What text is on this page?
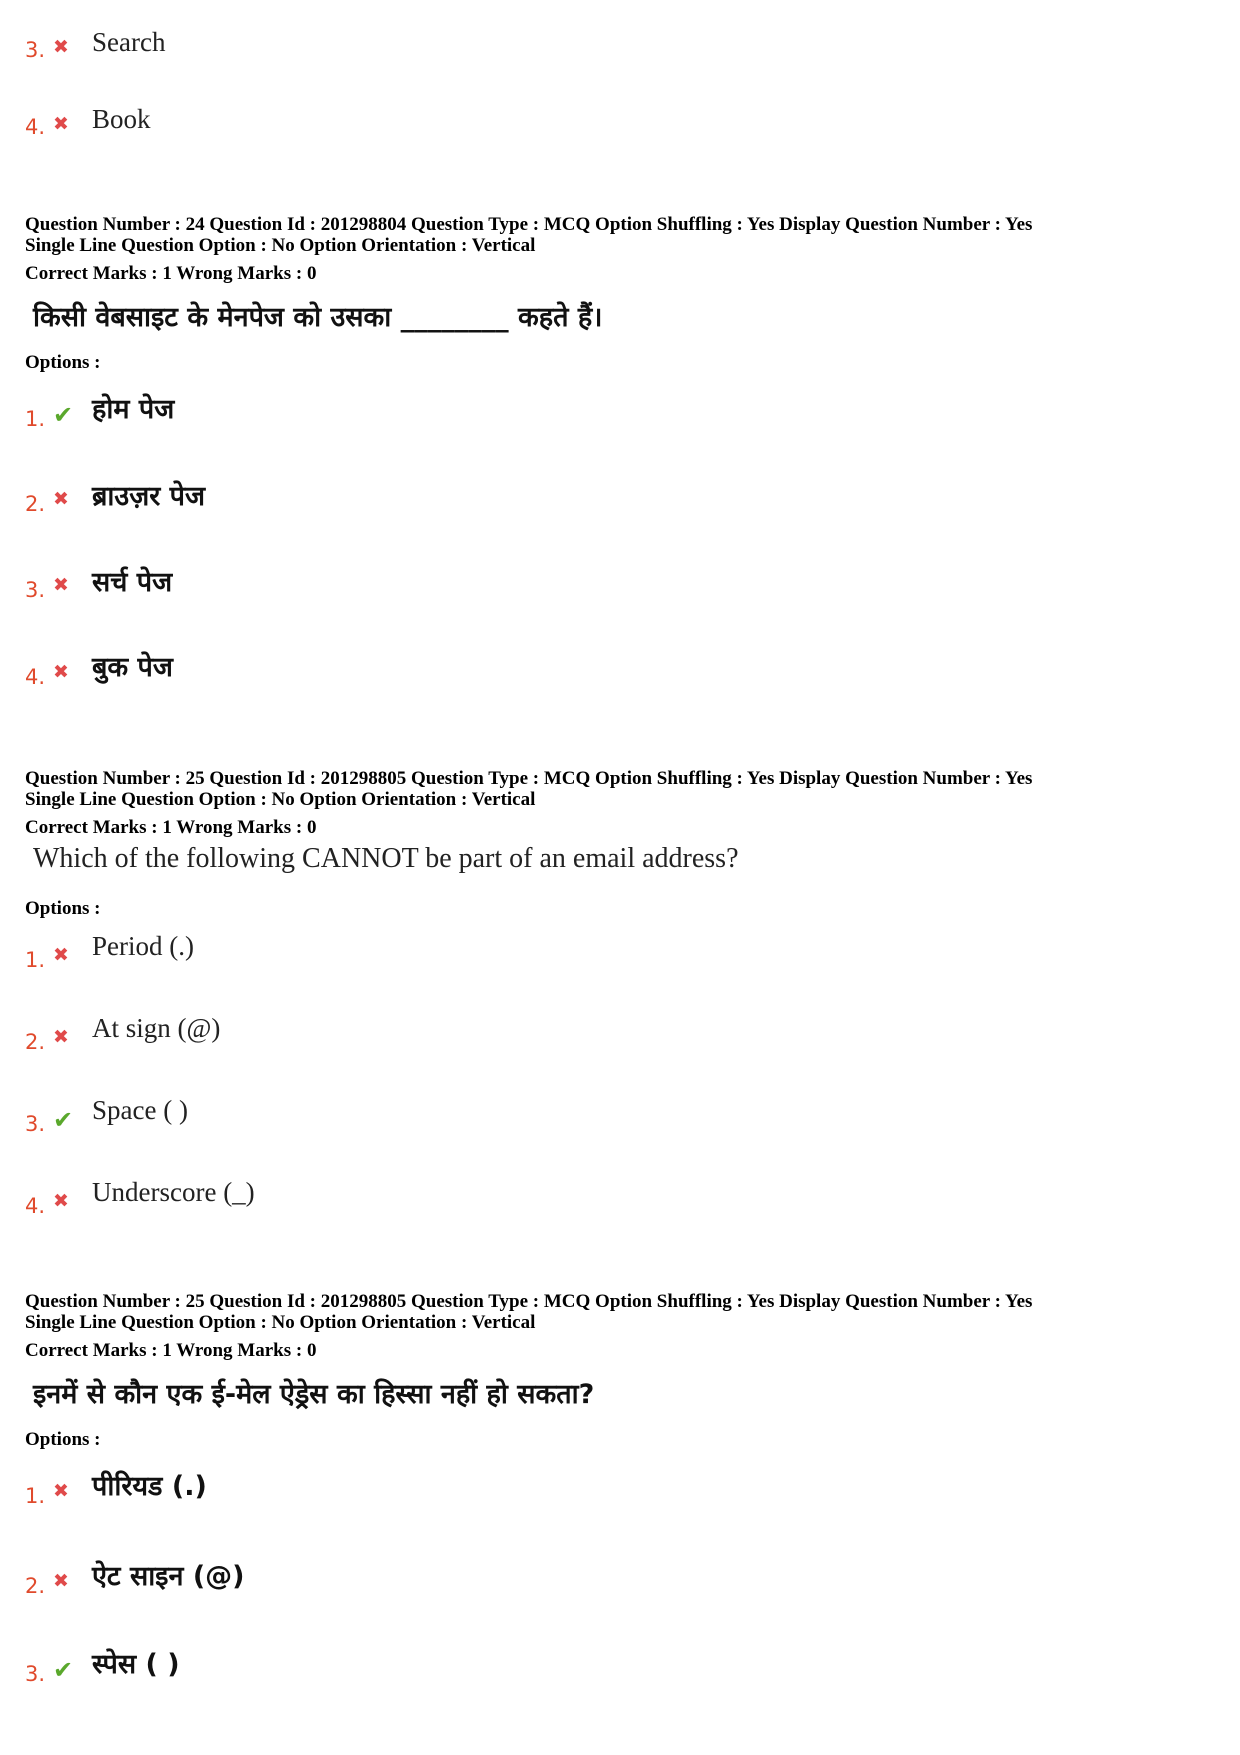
3. ✖ Search
4. ✖ Book
Question Number : 24 Question Id : 201298804 Question Type : MCQ Option Shuffling : Yes Display Question Number : Yes
Single Line Question Option : No Option Orientation : Vertical
Correct Marks : 1 Wrong Marks : 0
किसी वेबसाइट के मेनपेज को उसका ________ कहते हैं।
Options :
1. ✔ होम पेज
2. ✖ ब्राउज़र पेज
3. ✖ सर्च पेज
4. ✖ बुक पेज
Question Number : 25 Question Id : 201298805 Question Type : MCQ Option Shuffling : Yes Display Question Number : Yes
Single Line Question Option : No Option Orientation : Vertical
Correct Marks : 1 Wrong Marks : 0
Which of the following CANNOT be part of an email address?
Options :
1. ✖ Period (.)
2. ✖ At sign (@)
3. ✔ Space ( )
4. ✖ Underscore (_)
Question Number : 25 Question Id : 201298805 Question Type : MCQ Option Shuffling : Yes Display Question Number : Yes
Single Line Question Option : No Option Orientation : Vertical
Correct Marks : 1 Wrong Marks : 0
इनमें से कौन एक ई-मेल ऐड्रेस का हिस्सा नहीं हो सकता?
Options :
1. ✖ पीरियड (.)
2. ✖ ऐट साइन (@)
3. ✔ स्पेस ( )
